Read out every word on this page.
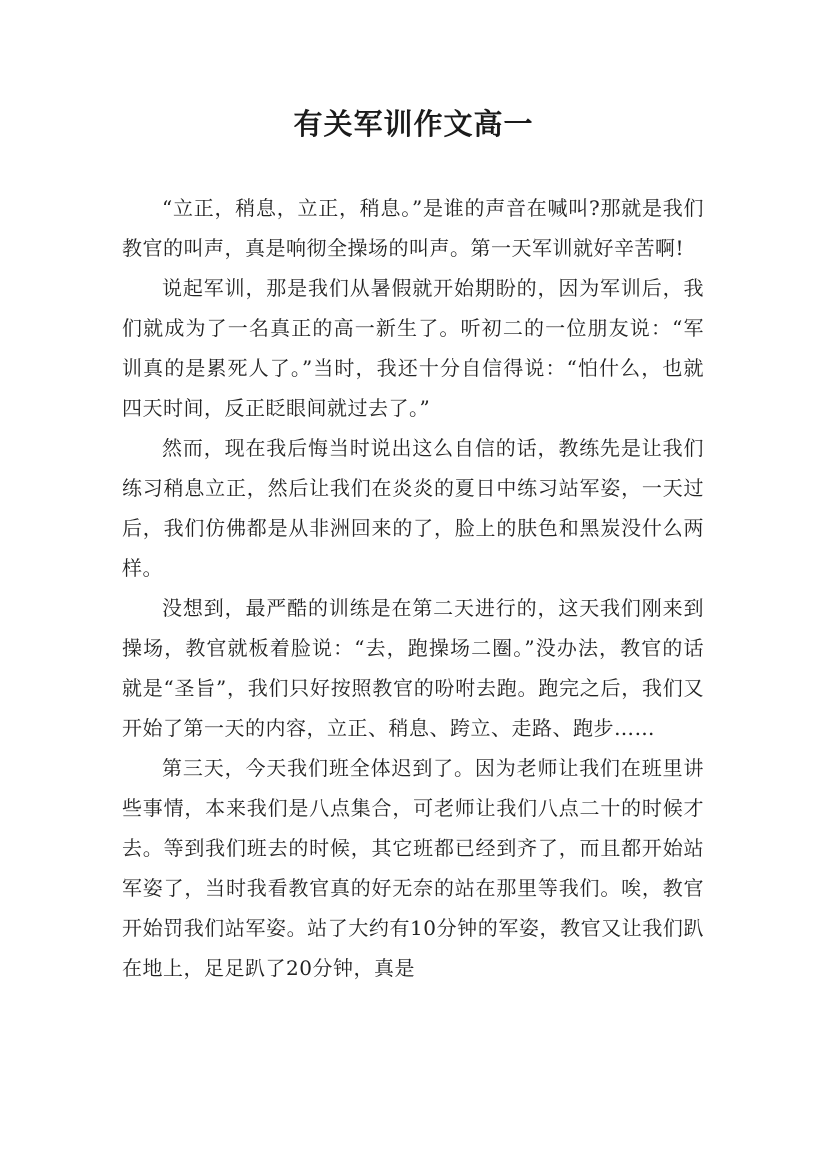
有关军训作文高一

“立正，稍息，立正，稍息。”是谁的声音在喊叫?那就是我们教官的叫声，真是响彻全操场的叫声。第一天军训就好辛苦啊!

说起军训，那是我们从暑假就开始期盼的，因为军训后，我们就成为了一名真正的高一新生了。听初二的一位朋友说：“军训真的是累死人了。”当时，我还十分自信得说：“怕什么，也就四天时间，反正眨眼间就过去了。”

然而，现在我后悔当时说出这么自信的话，教练先是让我们练习稍息立正，然后让我们在炎炎的夏日中练习站军姿，一天过后，我们仿佛都是从非洲回来的了，脸上的肤色和黑炭没什么两样。

没想到，最严酷的训练是在第二天进行的，这天我们刚来到操场，教官就板着脸说：“去，跑操场二圈。”没办法，教官的话就是“圣旨”，我们只好按照教官的吩咐去跑。跑完之后，我们又开始了第一天的内容，立正、稍息、跨立、走路、跑步……

第三天，今天我们班全体迟到了。因为老师让我们在班里讲些事情，本来我们是八点集合，可老师让我们八点二十的时候才去。等到我们班去的时候，其它班都已经到齐了，而且都开始站军姿了，当时我看教官真的好无奈的站在那里等我们。唉，教官开始罚我们站军姿。站了大约有10分钟的军姿，教官又让我们趴在地上，足足趴了20分钟，真是
